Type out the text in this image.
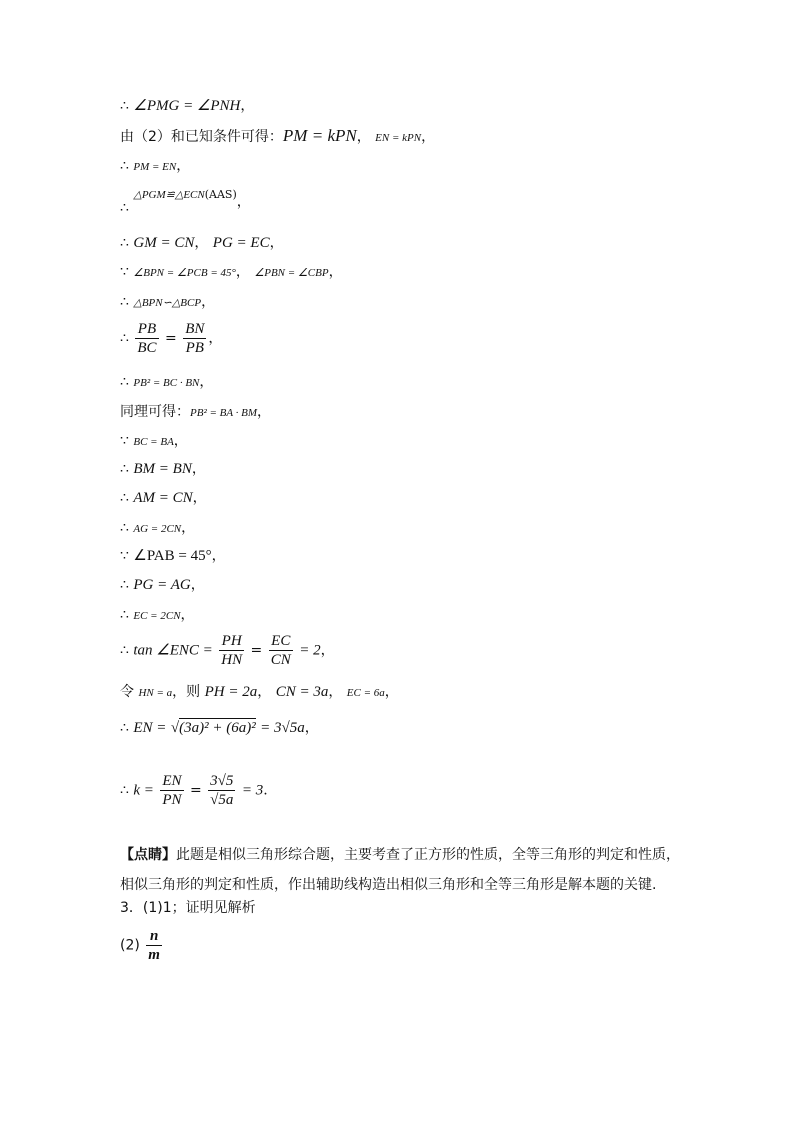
∴ ∠PMG = ∠PNH，
由（2）和已知条件可得：PM = kPN， EN = kPN，
∴ PM = EN，
∴ △PGM≌△ECN(AAS)，
∴ GM = CN， PG = EC，
∵ ∠BPN = ∠PCB = 45°， ∠PBN = ∠CBP，
∴ △BPN∽△BCP，
∴ $\frac{PB}{BC} = \frac{BN}{PB}$ ，
∴ PB² = BC · BN，
同理可得：PB² = BA · BM，
∵ BC = BA，
∴ BM = BN，
∴ AM = CN，
∴ AG = 2CN，
∵ ∠PAB = 45°，
∴ PG = AG，
∴ EC = 2CN，
∴ tan ∠ENC = $\frac{PH}{HN} = \frac{EC}{CN} = 2$，
令 HN = a，则 PH = 2a， CN = 3a， EC = 6a，
∴ EN = √(3a)² + (6a)² = 3√5a，
∴ $k = \frac{EN}{PN} = \frac{3√5}{√5a} = 3$.
【点睛】此题是相似三角形综合题，主要考查了正方形的性质，全等三角形的判定和性质，
相似三角形的判定和性质，作出辅助线构造出相似三角形和全等三角形是解本题的关键.
3．(1)1；证明见解析
$(2) \frac{n}{m}$
